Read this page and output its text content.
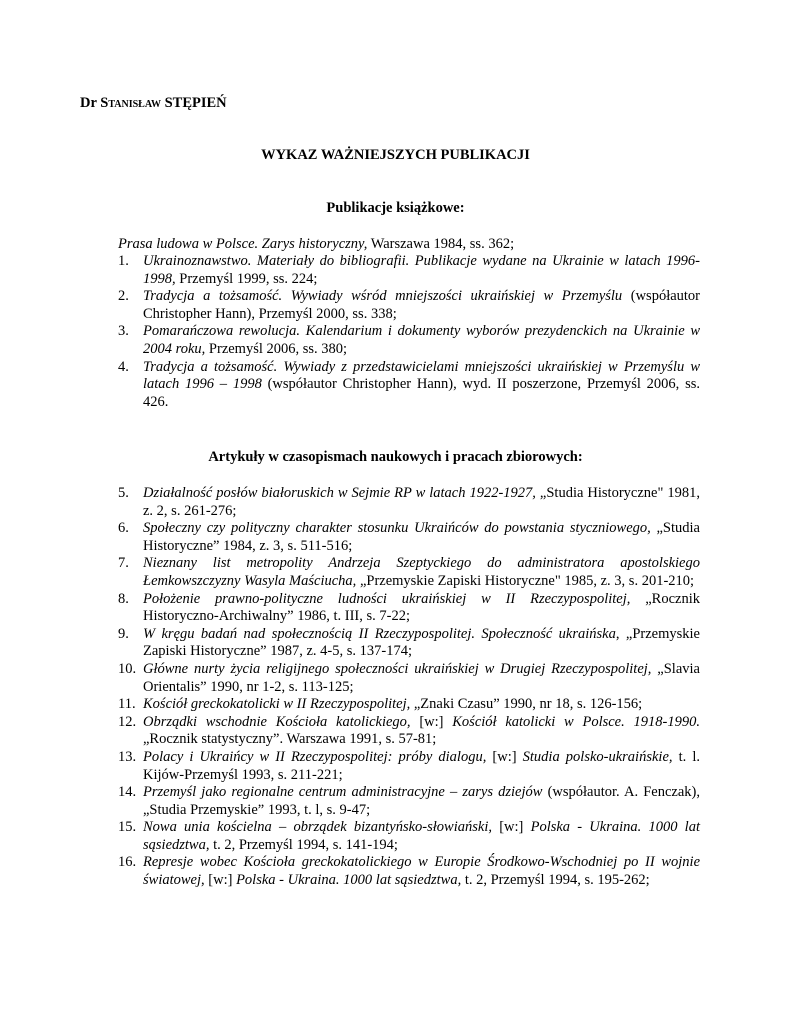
Dr Stanisław STĘPIEŃ

WYKAZ WAŻNIEJSZYCH PUBLIKACJI
Publikacje książkowe:

Prasa ludowa w Polsce. Zarys historyczny, Warszawa 1984, ss. 362;

1. Ukrainoznawstwo. Materiały do bibliografii. Publikacje wydane na Ukrainie w latach 1996-1998, Przemyśl 1999, ss. 224;
2. Tradycja a tożsamość. Wywiady wśród mniejszości ukraińskiej w Przemyślu (współautor Christopher Hann), Przemyśl 2000, ss. 338;
3. Pomarańczowa rewolucja. Kalendarium i dokumenty wyborów prezydenckich na Ukrainie w 2004 roku, Przemyśl 2006, ss. 380;
4. Tradycja a tożsamość. Wywiady z przedstawicielami mniejszości ukraińskiej w Przemyślu w latach 1996 – 1998 (współautor Christopher Hann), wyd. II poszerzone, Przemyśl 2006, ss. 426.
Artykuły w czasopismach naukowych i pracach zbiorowych:
5. Działalność posłów białoruskich w Sejmie RP w latach 1922-1927, „Studia Historyczne" 1981, z. 2, s. 261-276;
6. Społeczny czy polityczny charakter stosunku Ukraińców do powstania styczniowego, „Studia Historyczne” 1984, z. 3, s. 511-516;
7. Nieznany list metropolity Andrzeja Szeptyckiego do administratora apostolskiego Łemkowszczyzny Wasyla Maściucha, „Przemyskie Zapiski Historyczne" 1985, z. 3, s. 201-210;
8. Położenie prawno-polityczne ludności ukraińskiej w II Rzeczypospolitej, „Rocznik Historyczno-Archiwalny” 1986, t. III, s. 7-22;
9. W kręgu badań nad społecznością II Rzeczypospolitej. Społeczność ukraińska, „Przemyskie Zapiski Historyczne” 1987, z. 4-5, s. 137-174;
10. Główne nurty życia religijnego społeczności ukraińskiej w Drugiej Rzeczypospolitej, „Slavia Orientalis” 1990, nr 1-2, s. 113-125;
11. Kościół greckokatolicki w II Rzeczypospolitej, „Znaki Czasu” 1990, nr 18, s. 126-156;
12. Obrządki wschodnie Kościoła katolickiego, [w:] Kościół katolicki w Polsce. 1918-1990. „Rocznik statystyczny”. Warszawa 1991, s. 57-81;
13. Polacy i Ukraińcy w II Rzeczypospolitej: próby dialogu, [w:] Studia polsko-ukraińskie, t. l. Kijów-Przemyśl 1993, s. 211-221;
14. Przemyśl jako regionalne centrum administracyjne – zarys dziejów (współautor. A. Fenczak), „Studia Przemyskie” 1993, t. l, s. 9-47;
15. Nowa unia kościelna – obrządek bizantyńsko-słowiański, [w:] Polska - Ukraina. 1000 lat sąsiedztwa, t. 2, Przemyśl 1994, s. 141-194;
16. Represje wobec Kościoła greckokatolickiego w Europie Środkowo-Wschodniej po II wojnie światowej, [w:] Polska - Ukraina. 1000 lat sąsiedztwa, t. 2, Przemyśl 1994, s. 195-262;
